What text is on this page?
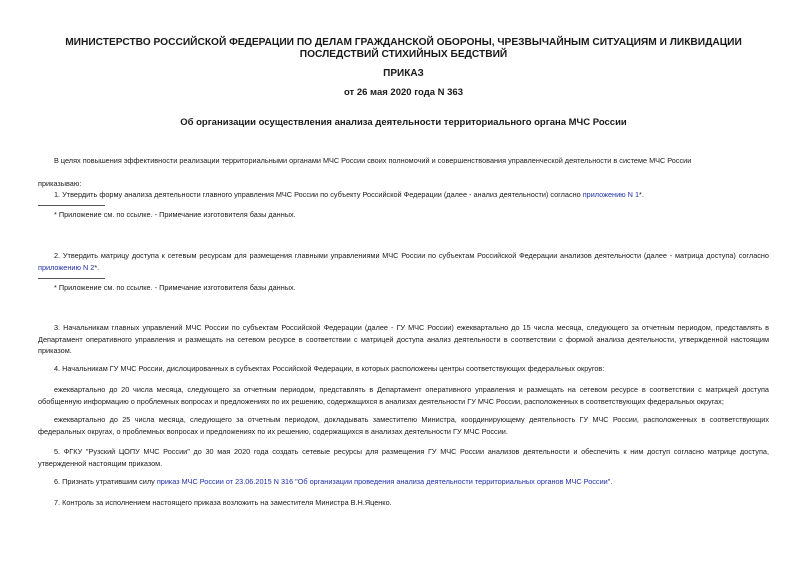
МИНИСТЕРСТВО РОССИЙСКОЙ ФЕДЕРАЦИИ ПО ДЕЛАМ ГРАЖДАНСКОЙ ОБОРОНЫ, ЧРЕЗВЫЧАЙНЫМ СИТУАЦИЯМ И ЛИКВИДАЦИИ ПОСЛЕДСТВИЙ СТИХИЙНЫХ БЕДСТВИЙ
ПРИКАЗ
от 26 мая 2020 года N 363
Об организации осуществления анализа деятельности территориального органа МЧС России
В целях повышения эффективности реализации территориальными органами МЧС России своих полномочий и совершенствования управленческой деятельности в системе МЧС России
приказываю:
1. Утвердить форму анализа деятельности главного управления МЧС России по субъекту Российской Федерации (далее - анализ деятельности) согласно приложению N 1*.
* Приложение см. по ссылке. - Примечание изготовителя базы данных.
2. Утвердить матрицу доступа к сетевым ресурсам для размещения главными управлениями МЧС России по субъектам Российской Федерации анализов деятельности (далее - матрица доступа) согласно приложению N 2*.
* Приложение см. по ссылке. - Примечание изготовителя базы данных.
3. Начальникам главных управлений МЧС России по субъектам Российской Федерации (далее - ГУ МЧС России) ежеквартально до 15 числа месяца, следующего за отчетным периодом, представлять в Департамент оперативного управления и размещать на сетевом ресурсе в соответствии с матрицей доступа анализ деятельности в соответствии с формой анализа деятельности, утвержденной настоящим приказом.
4. Начальникам ГУ МЧС России, дислоцированных в субъектах Российской Федерации, в которых расположены центры соответствующих федеральных округов:
ежеквартально до 20 числа месяца, следующего за отчетным периодом, представлять в Департамент оперативного управления и размещать на сетевом ресурсе в соответствии с матрицей доступа обобщенную информацию о проблемных вопросах и предложениях по их решению, содержащихся в анализах деятельности ГУ МЧС России, расположенных в соответствующих федеральных округах;
ежеквартально до 25 числа месяца, следующего за отчетным периодом, докладывать заместителю Министра, координирующему деятельность ГУ МЧС России, расположенных в соответствующих федеральных округах, о проблемных вопросах и предложениях по их решению, содержащихся в анализах деятельности ГУ МЧС России.
5. ФГКУ "Рузский ЦОПУ МЧС России" до 30 мая 2020 года создать сетевые ресурсы для размещения ГУ МЧС России анализов деятельности и обеспечить к ним доступ согласно матрице доступа, утвержденной настоящим приказом.
6. Признать утратившим силу приказ МЧС России от 23.06.2015 N 316 "Об организации проведения анализа деятельности территориальных органов МЧС России".
7. Контроль за исполнением настоящего приказа возложить на заместителя Министра В.Н.Яценко.
